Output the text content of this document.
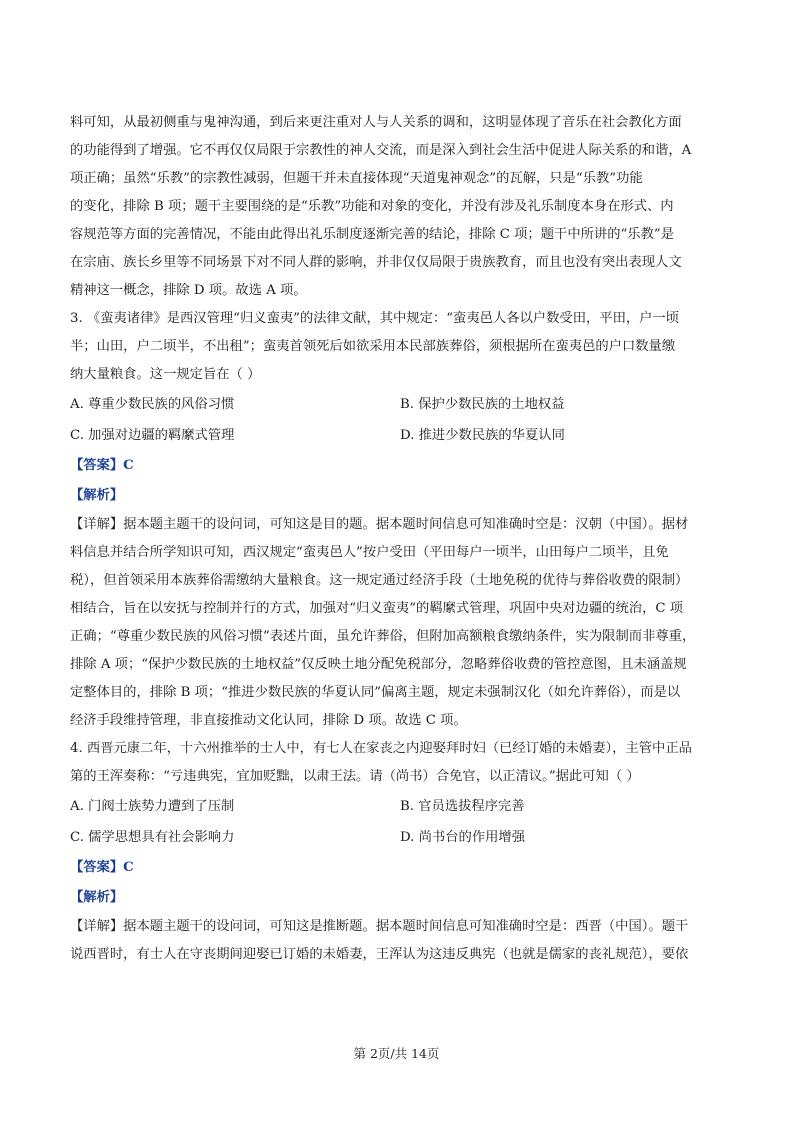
料可知，从最初侧重与鬼神沟通，到后来更注重对人与人关系的调和，这明显体现了音乐在社会教化方面
的功能得到了增强。它不再仅仅局限于宗教性的神人交流，而是深入到社会生活中促进人际关系的和谐，A
项正确；虽然“乐教”的宗教性减弱，但题干并未直接体现“天道鬼神观念”的瓦解，只是“乐教”功能
的变化，排除 B 项；题干主要围绕的是“乐教”功能和对象的变化，并没有涉及礼乐制度本身在形式、内
容规范等方面的完善情况，不能由此得出礼乐制度逐渐完善的结论，排除 C 项；题干中所讲的“乐教”是
在宗庙、族长乡里等不同场景下对不同人群的影响，并非仅仅局限于贵族教育，而且也没有突出表现人文
精神这一概念，排除 D 项。故选 A 项。
3. 《蛮夷诸律》是西汉管理“归义蛮夷”的法律文献，其中规定：“蛮夷邑人各以户数受田，平田，户一顷
半；山田，户二顷半，不出租”；蛮夷首领死后如欲采用本民部族葬俗，须根据所在蛮夷邑的户口数量缴
纳大量粮食。这一规定旨在（ ）
A. 尊重少数民族的风俗习惯	B. 保护少数民族的土地权益
C. 加强对边疆的羁縻式管理	D. 推进少数民族的华夏认同
【答案】C
【解析】
【详解】据本题主题干的设问词，可知这是目的题。据本题时间信息可知准确时空是：汉朝（中国）。据材
料信息并结合所学知识可知，西汉规定“蛮夷邑人”按户受田（平田每户一顷半，山田每户二顷半，且免
税），但首领采用本族葬俗需缴纳大量粮食。这一规定通过经济手段（土地免税的优待与葬俗收费的限制）
相结合，旨在以安抚与控制并行的方式，加强对“归义蛮夷”的羁縻式管理，巩固中央对边疆的统治，C 项
正确；“尊重少数民族的风俗习惯”表述片面，虽允许葬俗，但附加高额粮食缴纳条件，实为限制而非尊重，
排除 A 项；“保护少数民族的土地权益”仅反映土地分配免税部分，忽略葬俗收费的管控意图，且未涵盖规
定整体目的，排除 B 项；“推进少数民族的华夏认同”偏离主题，规定未强制汉化（如允许葬俗），而是以
经济手段维持管理，非直接推动文化认同，排除 D 项。故选 C 项。
4. 西晋元康二年，十六州推举的士人中，有七人在家丧之内迎娶拜时妇（已经订婚的未婚妻），主管中正品
第的王浑奏称：“亏违典宪，宜加贬黜，以肃王法。请（尚书）合免官，以正清议。”据此可知（ ）
A. 门阀士族势力遭到了压制	B. 官员选拔程序完善
C. 儒学思想具有社会影响力	D. 尚书台的作用增强
【答案】C
【解析】
【详解】据本题主题干的设问词，可知这是推断题。据本题时间信息可知准确时空是：西晋（中国）。题干
说西晋时，有士人在守丧期间迎娶已订婚的未婚妻，王浑认为这违反典宪（也就是儒家的丧礼规范），要依
第 2页/共 14页
